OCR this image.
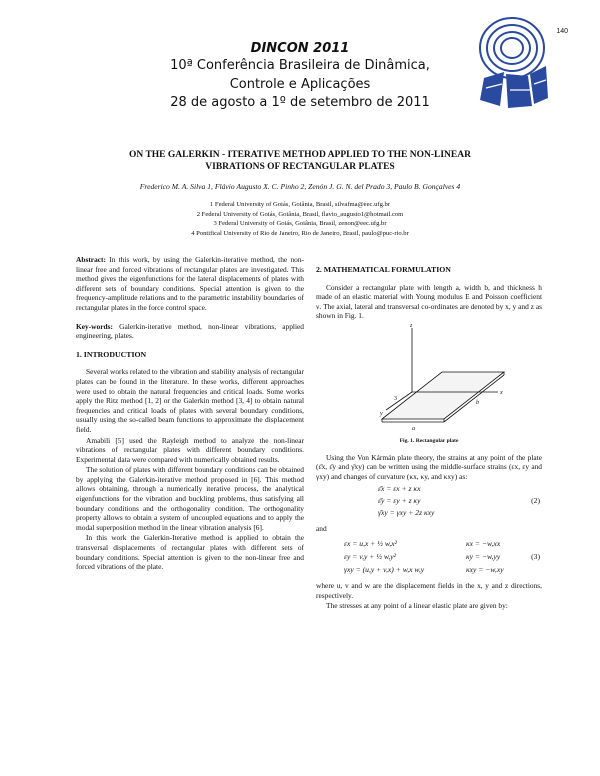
140
DINCON 2011
10ª Conferência Brasileira de Dinâmica,
Controle e Aplicações
28 de agosto a 1º de setembro de 2011
ON THE GALERKIN - ITERATIVE METHOD APPLIED TO THE NON-LINEAR
VIBRATIONS OF RECTANGULAR PLATES
Frederico M. A. Silva 1, Flávio Augusto X. C. Pinho 2, Zenón J. G. N. del Prado 3, Paulo B. Gonçalves 4
1 Federal University of Goiás, Goiânia, Brasil, silvafma@eec.ufg.br
2 Federal University of Goiás, Goiânia, Brasil, flavio_augusto1@hotmail.com
3 Federal University of Goiás, Goiânia, Brasil, zenon@eec.ufg.br
4 Pontifical University of Rio de Janeiro, Rio de Janeiro, Brasil, paulo@puc-rio.br

Abstract: In this work, by using the Galerkin-iterative method, the non-linear free and forced vibrations of rectangular plates are investigated. This method gives the eigenfunctions for the lateral displacements of plates with different sets of boundary conditions. Special attention is given to the frequency-amplitude relations and to the parametric instability boundaries of rectangular plates in the force control space.

Key-words: Galerkin-iterative method, non-linear vibrations, applied engineering, plates.

1. INTRODUCTION

Several works related to the vibration and stability analysis of rectangular plates can be found in the literature. In these works, different approaches were used to obtain the natural frequencies and critical loads. Some works apply the Ritz method [1, 2] or the Galerkin method [3, 4] to obtain natural frequencies and critical loads of plates with several boundary conditions, usually using the so-called beam functions to approximate the displacement field.

Amabili [5] used the Rayleigh method to analyze the non-linear vibrations of rectangular plates with different boundary conditions. Experimental data were compared with numerically obtained results.

The solution of plates with different boundary conditions can be obtained by applying the Galerkin-iterative method proposed in [6]. This method allows obtaining, through a numerically iterative process, the analytical eigenfunctions for the vibration and buckling problems, thus satisfying all boundary conditions and the orthogonality condition. The orthogonality property allows to obtain a system of uncoupled equations and to apply the modal superposition method in the linear vibration analysis [6].

In this work the Galerkin-Iterative method is applied to obtain the transversal displacements of rectangular plates with different sets of boundary conditions. Special attention is given to the non-linear free and forced vibrations of the plate.

2. MATHEMATICAL FORMULATION

Consider a rectangular plate with length a, width b, and thickness h made of an elastic material with Young modulus E and Poisson coefficient ν. The axial, lateral and transversal co-ordinates are denoted by x, y and z as shown in Fig. 1.

z
x
y
a
b
3
Fig. 1. Rectangular plate

Using the Von Kármán plate theory, the strains at any point of the plate (ε̄x, ε̄y and γ̄xy) can be written using the middle-surface strains (εx, εy and γxy) and changes of curvature (κx, κy, and κxy) as:

ε̄x = εx + z κx
ε̄y = εy + z κy
γ̄xy = γxy + 2z κxy
(2)

and

εx = u,x + ½ w,x²
εy = v,y + ½ w,y²
γxy = (u,y + v,x) + w,x w,y
κx = −w,xx
κy = −w,yy
κxy = −w,xy
(3)

where u, v and w are the displacement fields in the x, y and z directions, respectively.

The stresses at any point of a linear elastic plate are given by:
